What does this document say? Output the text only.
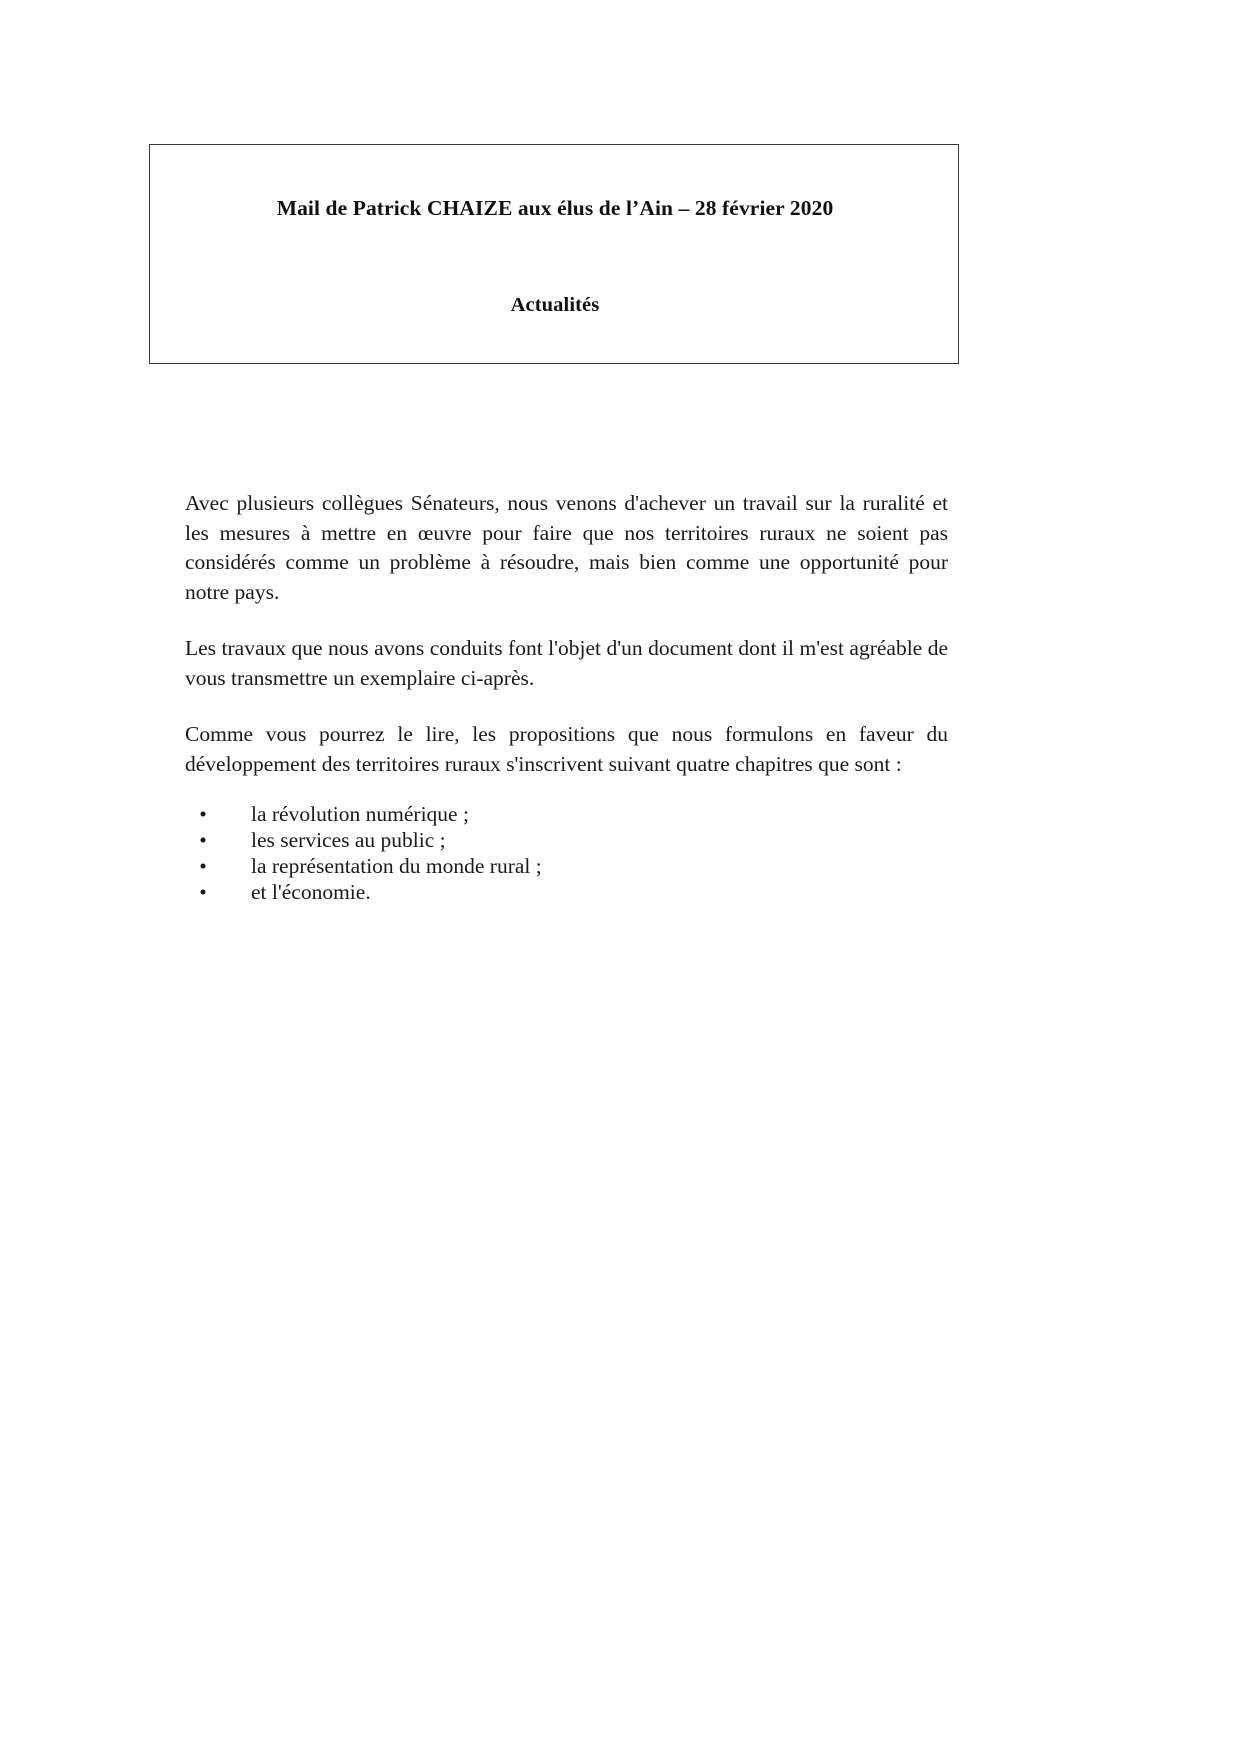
Mail de Patrick CHAIZE aux élus de l’Ain – 28 février 2020
Actualités

Avec plusieurs collègues Sénateurs, nous venons d'achever un travail sur la ruralité et les mesures à mettre en œuvre pour faire que nos territoires ruraux ne soient pas considérés comme un problème à résoudre, mais bien comme une opportunité pour notre pays.

Les travaux que nous avons conduits font l'objet d'un document dont il m'est agréable de vous transmettre un exemplaire ci-après.

Comme vous pourrez le lire, les propositions que nous formulons en faveur du développement des territoires ruraux s'inscrivent suivant quatre chapitres que sont :

• la révolution numérique ;
• les services au public ;
• la représentation du monde rural ;
• et l'économie.
